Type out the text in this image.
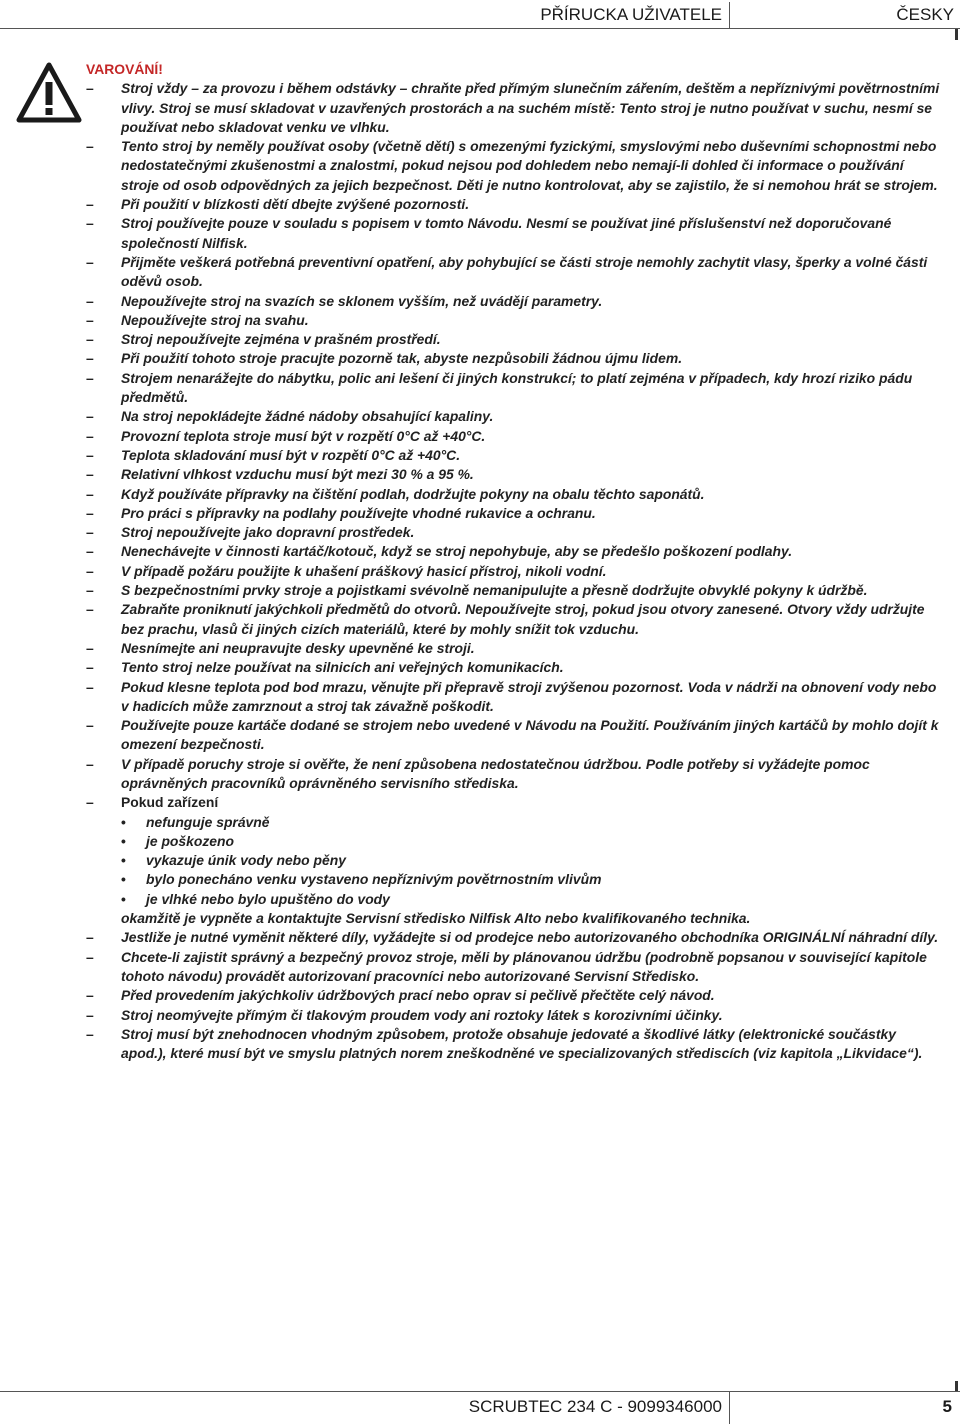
PŘÍRUCKA UŽIVATELE	ČESKY
VAROVÁNÍ!
– Stroj vždy – za provozu i během odstávky – chraňte před přímým slunečním zářením, deštěm a nepříznivými povětrnostními vlivy. Stroj se musí skladovat v uzavřených prostorách a na suchém místě: Tento stroj je nutno používat v suchu, nesmí se používat nebo skladovat venku ve vlhku.
– Tento stroj by neměly používat osoby (včetně dětí) s omezenými fyzickými, smyslovými nebo duševními schopnostmi nebo nedostatečnými zkušenostmi a znalostmi, pokud nejsou pod dohledem nebo nemají-li dohled či informace o používání stroje od osob odpovědných za jejich bezpečnost. Děti je nutno kontrolovat, aby se zajistilo, že si nemohou hrát se strojem.
– Při použití v blízkosti dětí dbejte zvýšené pozornosti.
– Stroj používejte pouze v souladu s popisem v tomto Návodu. Nesmí se používat jiné příslušenství než doporučované společností Nilfisk.
– Přijměte veškerá potřebná preventivní opatření, aby pohybující se části stroje nemohly zachytit vlasy, šperky a volné části oděvů osob.
– Nepoužívejte stroj na svazích se sklonem vyšším, než uvádějí parametry.
– Nepoužívejte stroj na svahu.
– Stroj nepoužívejte zejména v prašném prostředí.
– Při použití tohoto stroje pracujte pozorně tak, abyste nezpůsobili žádnou újmu lidem.
– Strojem nenarážejte do nábytku, polic ani lešení či jiných konstrukcí; to platí zejména v případech, kdy hrozí riziko pádu předmětů.
– Na stroj nepokládejte žádné nádoby obsahující kapaliny.
– Provozní teplota stroje musí být v rozpětí 0°C až +40°C.
– Teplota skladování musí být v rozpětí 0°C až +40°C.
– Relativní vlhkost vzduchu musí být mezi 30 % a 95 %.
– Když používáte přípravky na čištění podlah, dodržujte pokyny na obalu těchto saponátů.
– Pro práci s přípravky na podlahy používejte vhodné rukavice a ochranu.
– Stroj nepoužívejte jako dopravní prostředek.
– Nenechávejte v činnosti kartáč/kotouč, když se stroj nepohybuje, aby se předešlo poškození podlahy.
– V případě požáru použijte k uhašení práškový hasicí přístroj, nikoli vodní.
– S bezpečnostními prvky stroje a pojistkami svévolně nemanipulujte a přesně dodržujte obvyklé pokyny k údržbě.
– Zabraňte proniknutí jakýchkoli předmětů do otvorů. Nepoužívejte stroj, pokud jsou otvory zanesené. Otvory vždy udržujte bez prachu, vlasů či jiných cizích materiálů, které by mohly snížit tok vzduchu.
– Nesnímejte ani neupravujte desky upevněné ke stroji.
– Tento stroj nelze používat na silnicích ani veřejných komunikacích.
– Pokud klesne teplota pod bod mrazu, věnujte při přepravě stroji zvýšenou pozornost. Voda v nádrži na obnovení vody nebo v hadicích může zamrznout a stroj tak závažně poškodit.
– Používejte pouze kartáče dodané se strojem nebo uvedené v Návodu na Použití. Používáním jiných kartáčů by mohlo dojít k omezení bezpečnosti.
– V případě poruchy stroje si ověřte, že není způsobena nedostatečnou údržbou. Podle potřeby si vyžádejte pomoc oprávněných pracovníků oprávněného servisního střediska.
– Pokud zařízení
• nefunguje správně
• je poškozeno
• vykazuje únik vody nebo pěny
• bylo ponecháno venku vystaveno nepříznivým povětrnostním vlivům
• je vlhké nebo bylo upuštěno do vody
okamžitě je vypněte a kontaktujte Servisní středisko Nilfisk Alto nebo kvalifikovaného technika.
– Jestliže je nutné vyměnit některé díly, vyžádejte si od prodejce nebo autorizovaného obchodníka ORIGINÁLNÍ náhradní díly.
– Chcete-li zajistit správný a bezpečný provoz stroje, měli by plánovanou údržbu (podrobně popsanou v související kapitole tohoto návodu) provádět autorizovaní pracovníci nebo autorizované Servisní Středisko.
– Před provedením jakýchkoliv údržbových prací nebo oprav si pečlivě přečtěte celý návod.
– Stroj neomývejte přímým či tlakovým proudem vody ani roztoky látek s korozivními účinky.
– Stroj musí být znehodnocen vhodným způsobem, protože obsahuje jedovaté a škodlivé látky (elektronické součástky apod.), které musí být ve smyslu platných norem zneškodněné ve specializovaných střediscích (viz kapitola „Likvidace“).
SCRUBTEC 234 C - 9099346000	5
